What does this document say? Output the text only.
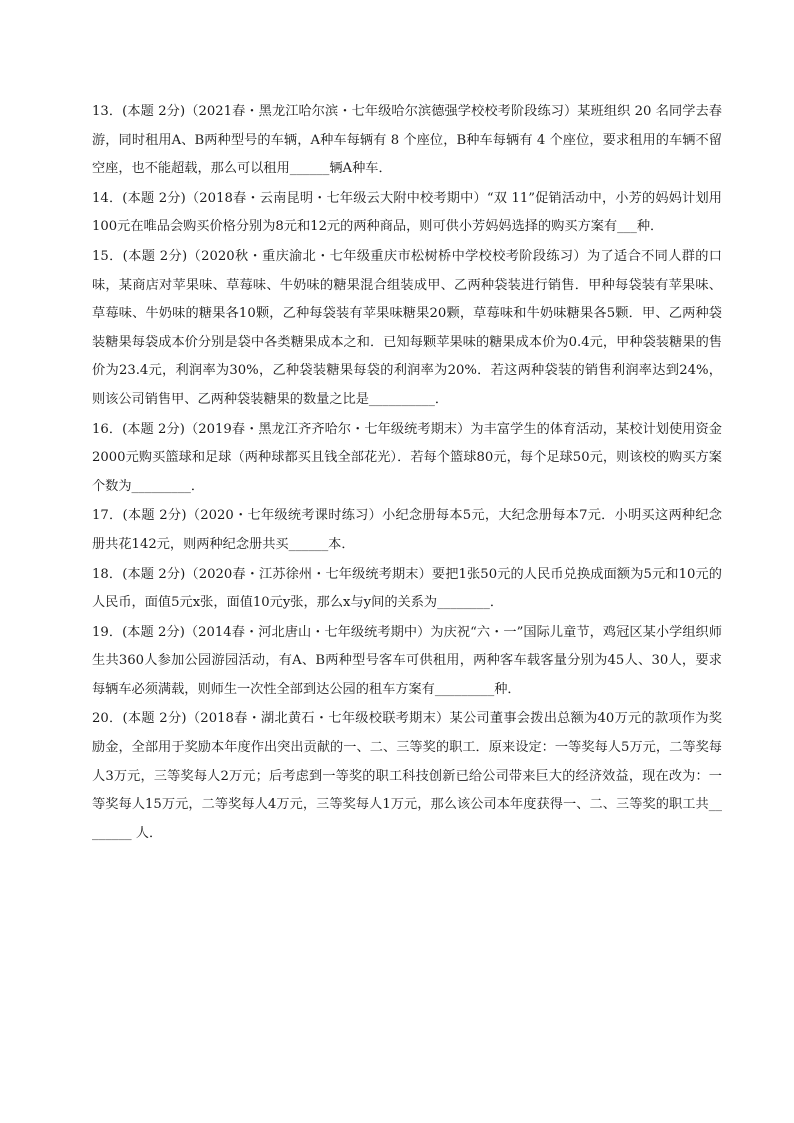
13．(本题 2分)（2021春・黑龙江哈尔滨・七年级哈尔滨德强学校校考阶段练习）某班组织 20 名同学去春游，同时租用A、B两种型号的车辆，A种车每辆有 8 个座位，B种车每辆有 4 个座位，要求租用的车辆不留空座，也不能超载，那么可以租用______辆A种车．

14．(本题 2分)（2018春・云南昆明・七年级云大附中校考期中）“双 11”促销活动中，小芳的妈妈计划用100元在唯品会购买价格分别为8元和12元的两种商品，则可供小芳妈妈选择的购买方案有___种．

15．(本题 2分)（2020秋・重庆渝北・七年级重庆市松树桥中学校校考阶段练习）为了适合不同人群的口味，某商店对苹果味、草莓味、牛奶味的糖果混合组装成甲、乙两种袋装进行销售．甲种每袋装有苹果味、草莓味、牛奶味的糖果各10颗，乙种每袋装有苹果味糖果20颗，草莓味和牛奶味糖果各5颗．甲、乙两种袋装糖果每袋成本价分别是袋中各类糖果成本之和．已知每颗苹果味的糖果成本价为0.4元，甲种袋装糖果的售价为23.4元，利润率为30%，乙种袋装糖果每袋的利润率为20%．若这两种袋装的销售利润率达到24%，则该公司销售甲、乙两种袋装糖果的数量之比是__________．

16．(本题 2分)（2019春・黑龙江齐齐哈尔・七年级统考期末）为丰富学生的体育活动，某校计划使用资金2000元购买篮球和足球（两种球都买且钱全部花光）．若每个篮球80元，每个足球50元，则该校的购买方案个数为_________．

17．(本题 2分)（2020・七年级统考课时练习）小纪念册每本5元，大纪念册每本7元．小明买这两种纪念册共花142元，则两种纪念册共买______本．

18．(本题 2分)（2020春・江苏徐州・七年级统考期末）要把1张50元的人民币兑换成面额为5元和10元的人民币，面值5元x张，面值10元y张，那么x与y间的关系为________．

19．(本题 2分)（2014春・河北唐山・七年级统考期中）为庆祝“六・一”国际儿童节，鸡冠区某小学组织师生共360人参加公园游园活动，有A、B两种型号客车可供租用，两种客车载客量分别为45人、30人，要求每辆车必须满载，则师生一次性全部到达公园的租车方案有_________种．

20．(本题 2分)（2018春・湖北黄石・七年级校联考期末）某公司董事会拨出总额为40万元的款项作为奖励金，全部用于奖励本年度作出突出贡献的一、二、三等奖的职工．原来设定：一等奖每人5万元，二等奖每人3万元，三等奖每人2万元；后考虑到一等奖的职工科技创新已给公司带来巨大的经济效益，现在改为：一等奖每人15万元，二等奖每人4万元，三等奖每人1万元，那么该公司本年度获得一、二、三等奖的职工共________ 人．
